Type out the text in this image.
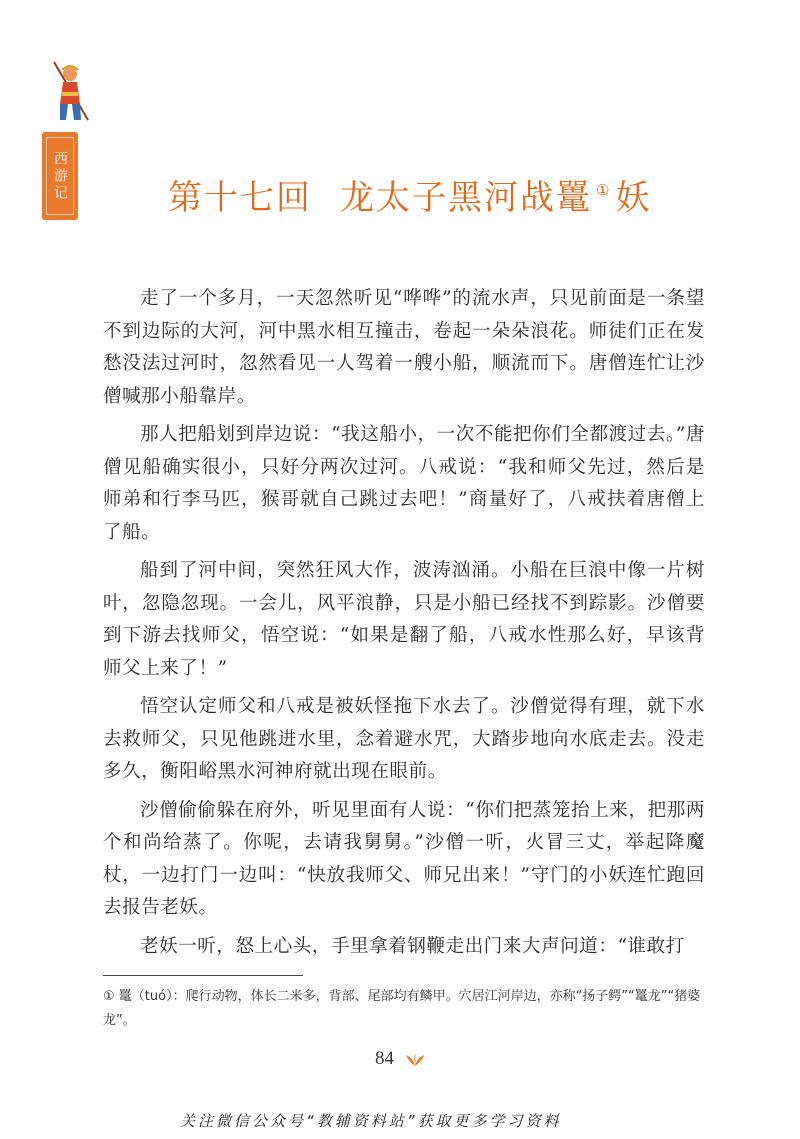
西游记	第十七回 龙太子黑河战鼍 ① 妖

走了一个多月，一天忽然听见“哗哗”的流水声，只见前面是一条望不到边际的大河，河中黑水相互撞击，卷起一朵朵浪花。师徒们正在发愁没法过河时，忽然看见一人驾着一艘小船，顺流而下。唐僧连忙让沙僧喊那小船靠岸。

那人把船划到岸边说：“我这船小，一次不能把你们全都渡过去。”唐僧见船确实很小，只好分两次过河。八戒说：“我和师父先过，然后是师弟和行李马匹，猴哥就自己跳过去吧！”商量好了，八戒扶着唐僧上了船。

船到了河中间，突然狂风大作，波涛汹涌。小船在巨浪中像一片树叶，忽隐忽现。一会儿，风平浪静，只是小船已经找不到踪影。沙僧要到下游去找师父，悟空说：“如果是翻了船，八戒水性那么好，早该背师父上来了！”

悟空认定师父和八戒是被妖怪拖下水去了。沙僧觉得有理，就下水去救师父，只见他跳进水里，念着避水咒，大踏步地向水底走去。没走多久，衡阳峪黑水河神府就出现在眼前。

沙僧偷偷躲在府外，听见里面有人说：“你们把蒸笼抬上来，把那两个和尚给蒸了。你呢，去请我舅舅。”沙僧一听，火冒三丈，举起降魔杖，一边打门一边叫：“快放我师父、师兄出来！”守门的小妖连忙跑回去报告老妖。

老妖一听，怒上心头，手里拿着钢鞭走出门来大声问道：“谁敢打

① 鼍（tuó）：爬行动物，体长二米多，背部、尾部均有鳞甲。穴居江河岸边，亦称“扬子鳄”“鼍龙”“猪婆龙”。
84
关注微信公众号“教辅资料站”获取更多学习资料
